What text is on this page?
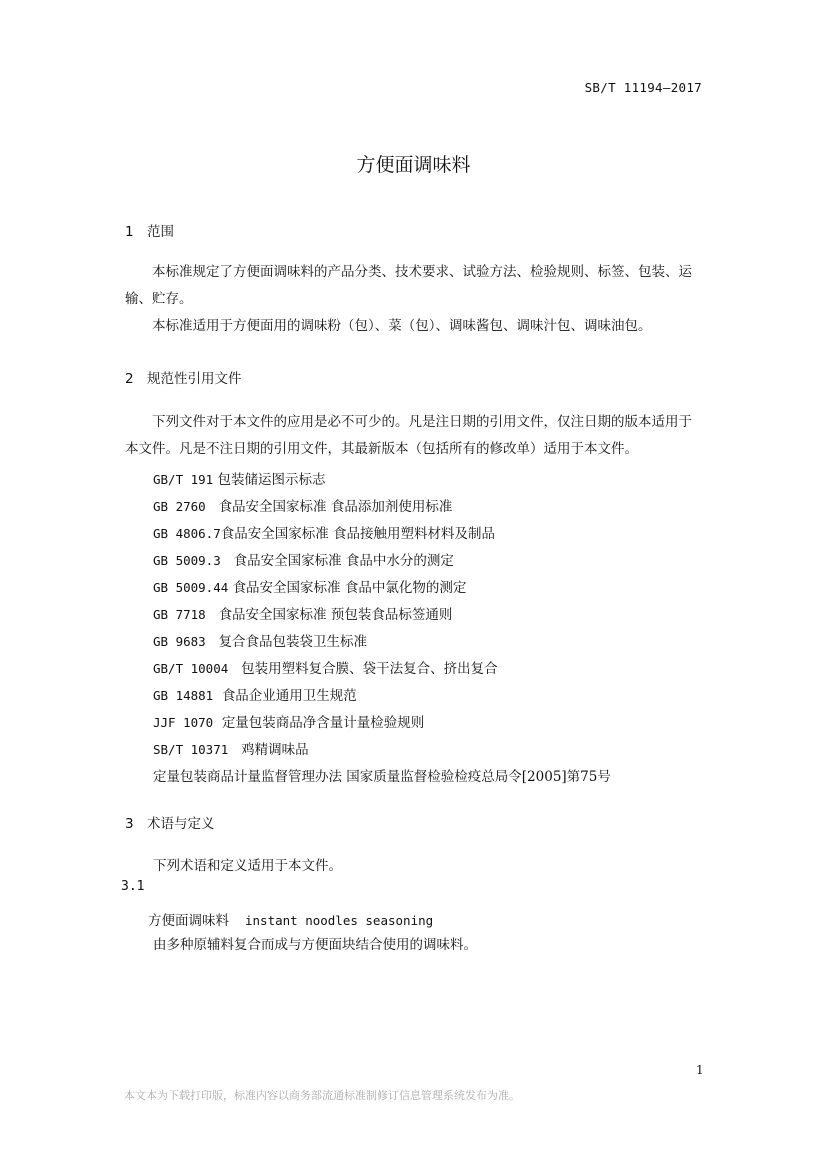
SB/T 11194—2017
方便面调味料
1 范围
本标准规定了方便面调味料的产品分类、技术要求、试验方法、检验规则、标签、包装、运输、贮存。
本标准适用于方便面用的调味粉（包）、菜（包）、调味酱包、调味汁包、调味油包。
2 规范性引用文件
下列文件对于本文件的应用是必不可少的。凡是注日期的引用文件，仅注日期的版本适用于本文件。凡是不注日期的引用文件，其最新版本（包括所有的修改单）适用于本文件。
GB/T 191 包装储运图示标志
GB 2760 食品安全国家标准 食品添加剂使用标准
GB 4806.7食品安全国家标准 食品接触用塑料材料及制品
GB 5009.3 食品安全国家标准 食品中水分的测定
GB 5009.44 食品安全国家标准 食品中氯化物的测定
GB 7718 食品安全国家标准 预包装食品标签通则
GB 9683 复合食品包装袋卫生标准
GB/T 10004 包装用塑料复合膜、袋干法复合、挤出复合
GB 14881 食品企业通用卫生规范
JJF 1070 定量包装商品净含量计量检验规则
SB/T 10371 鸡精调味品
定量包装商品计量监督管理办法 国家质量监督检验检疫总局令[2005]第75号
3 术语与定义
下列术语和定义适用于本文件。
3.1
方便面调味料 instant noodles seasoning
由多种原辅料复合而成与方便面块结合使用的调味料。
1
本文本为下载打印版，标准内容以商务部流通标准制修订信息管理系统发布为准。
